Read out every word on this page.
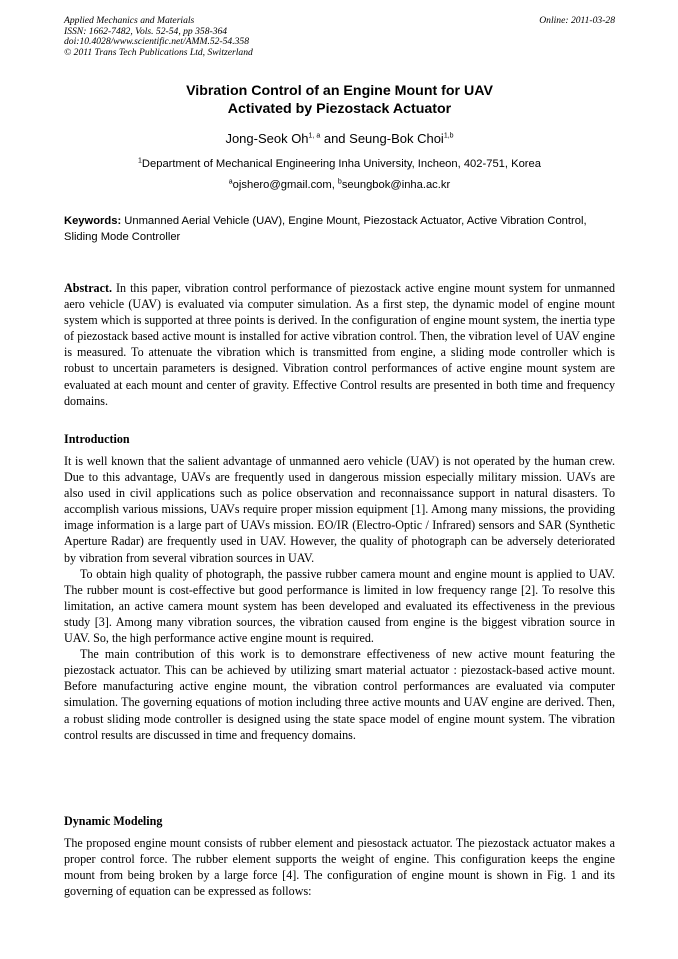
Applied Mechanics and Materials
ISSN: 1662-7482, Vols. 52-54, pp 358-364
doi:10.4028/www.scientific.net/AMM.52-54.358
© 2011 Trans Tech Publications Ltd, Switzerland
Online: 2011-03-28
Vibration Control of an Engine Mount for UAV
Activated by Piezostack Actuator
Jong-Seok Oh$^{1, a}$ and Seung-Bok Choi$^{1,b}$
$^1$Department of Mechanical Engineering Inha University, Incheon, 402-751, Korea
$^a$ojshero@gmail.com, $^b$seungbok@inha.ac.kr
Keywords: Unmanned Aerial Vehicle (UAV), Engine Mount, Piezostack Actuator, Active Vibration Control, Sliding Mode Controller

Abstract. In this paper, vibration control performance of piezostack active engine mount system for unmanned aero vehicle (UAV) is evaluated via computer simulation. As a first step, the dynamic model of engine mount system which is supported at three points is derived. In the configuration of engine mount system, the inertia type of piezostack based active mount is installed for active vibration control. Then, the vibration level of UAV engine is measured. To attenuate the vibration which is transmitted from engine, a sliding mode controller which is robust to uncertain parameters is designed. Vibration control performances of active engine mount system are evaluated at each mount and center of gravity. Effective Control results are presented in both time and frequency domains.

Introduction

It is well known that the salient advantage of unmanned aero vehicle (UAV) is not operated by the human crew. Due to this advantage, UAVs are frequently used in dangerous mission especially military mission. UAVs are also used in civil applications such as police observation and reconnaissance support in natural disasters. To accomplish various missions, UAVs require proper mission equipment [1]. Among many missions, the providing image information is a large part of UAVs mission. EO/IR (Electro-Optic / Infrared) sensors and SAR (Synthetic Aperture Radar) are frequently used in UAV. However, the quality of photograph can be adversely deteriorated by vibration from several vibration sources in UAV.

To obtain high quality of photograph, the passive rubber camera mount and engine mount is applied to UAV. The rubber mount is cost-effective but good performance is limited in low frequency range [2]. To resolve this limitation, an active camera mount system has been developed and evaluated its effectiveness in the previous study [3]. Among many vibration sources, the vibration caused from engine is the biggest vibration source in UAV. So, the high performance active engine mount is required.

The main contribution of this work is to demonstrare effectiveness of new active mount featuring the piezostack actuator. This can be achieved by utilizing smart material actuator : piezostack-based active mount. Before manufacturing active engine mount, the vibration control performances are evaluated via computer simulation. The governing equations of motion including three active mounts and UAV engine are derived. Then, a robust sliding mode controller is designed using the state space model of engine mount system. The vibration control results are discussed in time and frequency domains.

Dynamic Modeling

The proposed engine mount consists of rubber element and piesostack actuator. The piezostack actuator makes a proper control force. The rubber element supports the weight of engine. This configuration keeps the engine mount from being broken by a large force [4]. The configuration of engine mount is shown in Fig. 1 and its governing of equation can be expressed as follows:
